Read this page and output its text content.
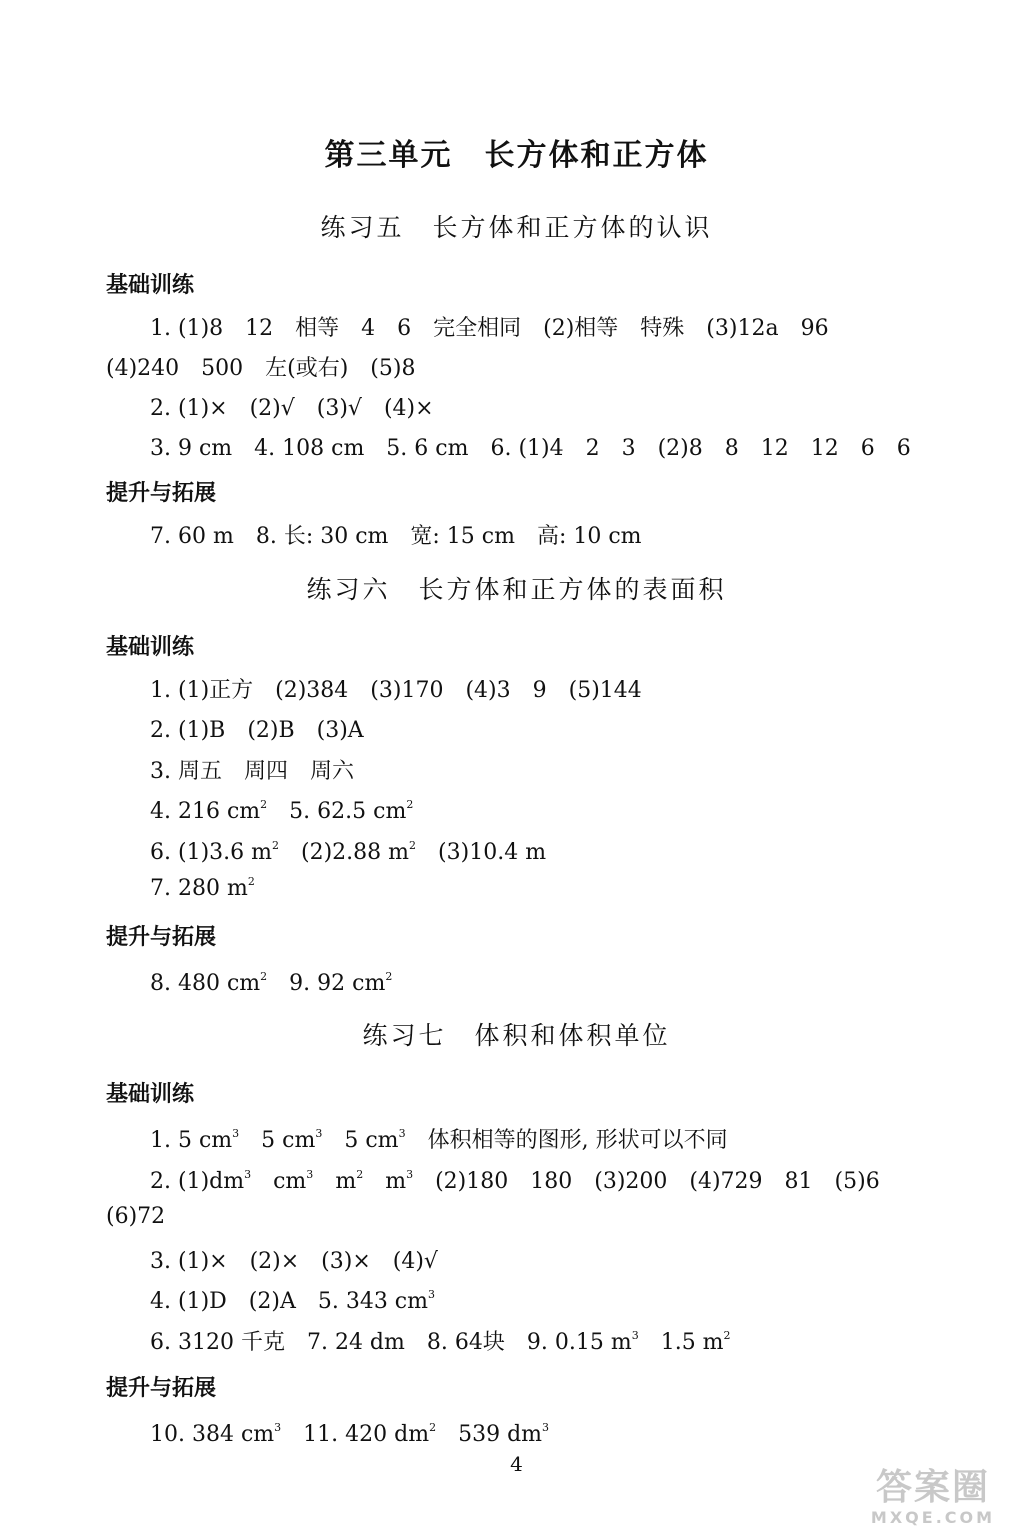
第三单元　长方体和正方体
练习五　长方体和正方体的认识
基础训练
1. (1)8　12　相等　4　6　完全相同　(2)相等　特殊　(3)12a　96
(4)240　500　左(或右)　(5)8
2. (1)×　(2)√　(3)√　(4)×
3. 9 cm　4. 108 cm　5. 6 cm　6. (1)4　2　3　(2)8　8　12　12　6　6
提升与拓展
7. 60 m　8. 长: 30 cm　宽: 15 cm　高: 10 cm
练习六　长方体和正方体的表面积
基础训练
1. (1)正方　(2)384　(3)170　(4)3　9　(5)144
2. (1)B　(2)B　(3)A
3. 周五　周四　周六
4. 216 $cm^2$　 5. 62.5 $cm^2$
6. (1)3.6 $m^2$　 (2)2.88 $m^2$　 (3)10.4 m
7. 280 $m^2$
提升与拓展
8. 480 $cm^2$　 9. 92 $cm^2$
练习七　体积和体积单位
基础训练
1. 5 $cm^3$　 5 $cm^3$　 5 $cm^3$　 体积相等的图形, 形状可以不同
2. $(1)dm^3$　 $cm^3$　 $m^2$　 $m^3$　 (2)180　180　(3)200　(4)729　81　(5)6
(6)72
3. (1)×　(2)×　(3)×　(4)√
4. (1)D　(2)A　5. 343 $cm^3$
6. 3120 千克　7. 24 dm　8. 64块　9. 0.15 $m^3$　 1.5 $m^2$
提升与拓展
10. 384 $cm^3$　 11. 420 $dm^2$　 539 $dm^3$
4
答案圈
MXQE.COM
